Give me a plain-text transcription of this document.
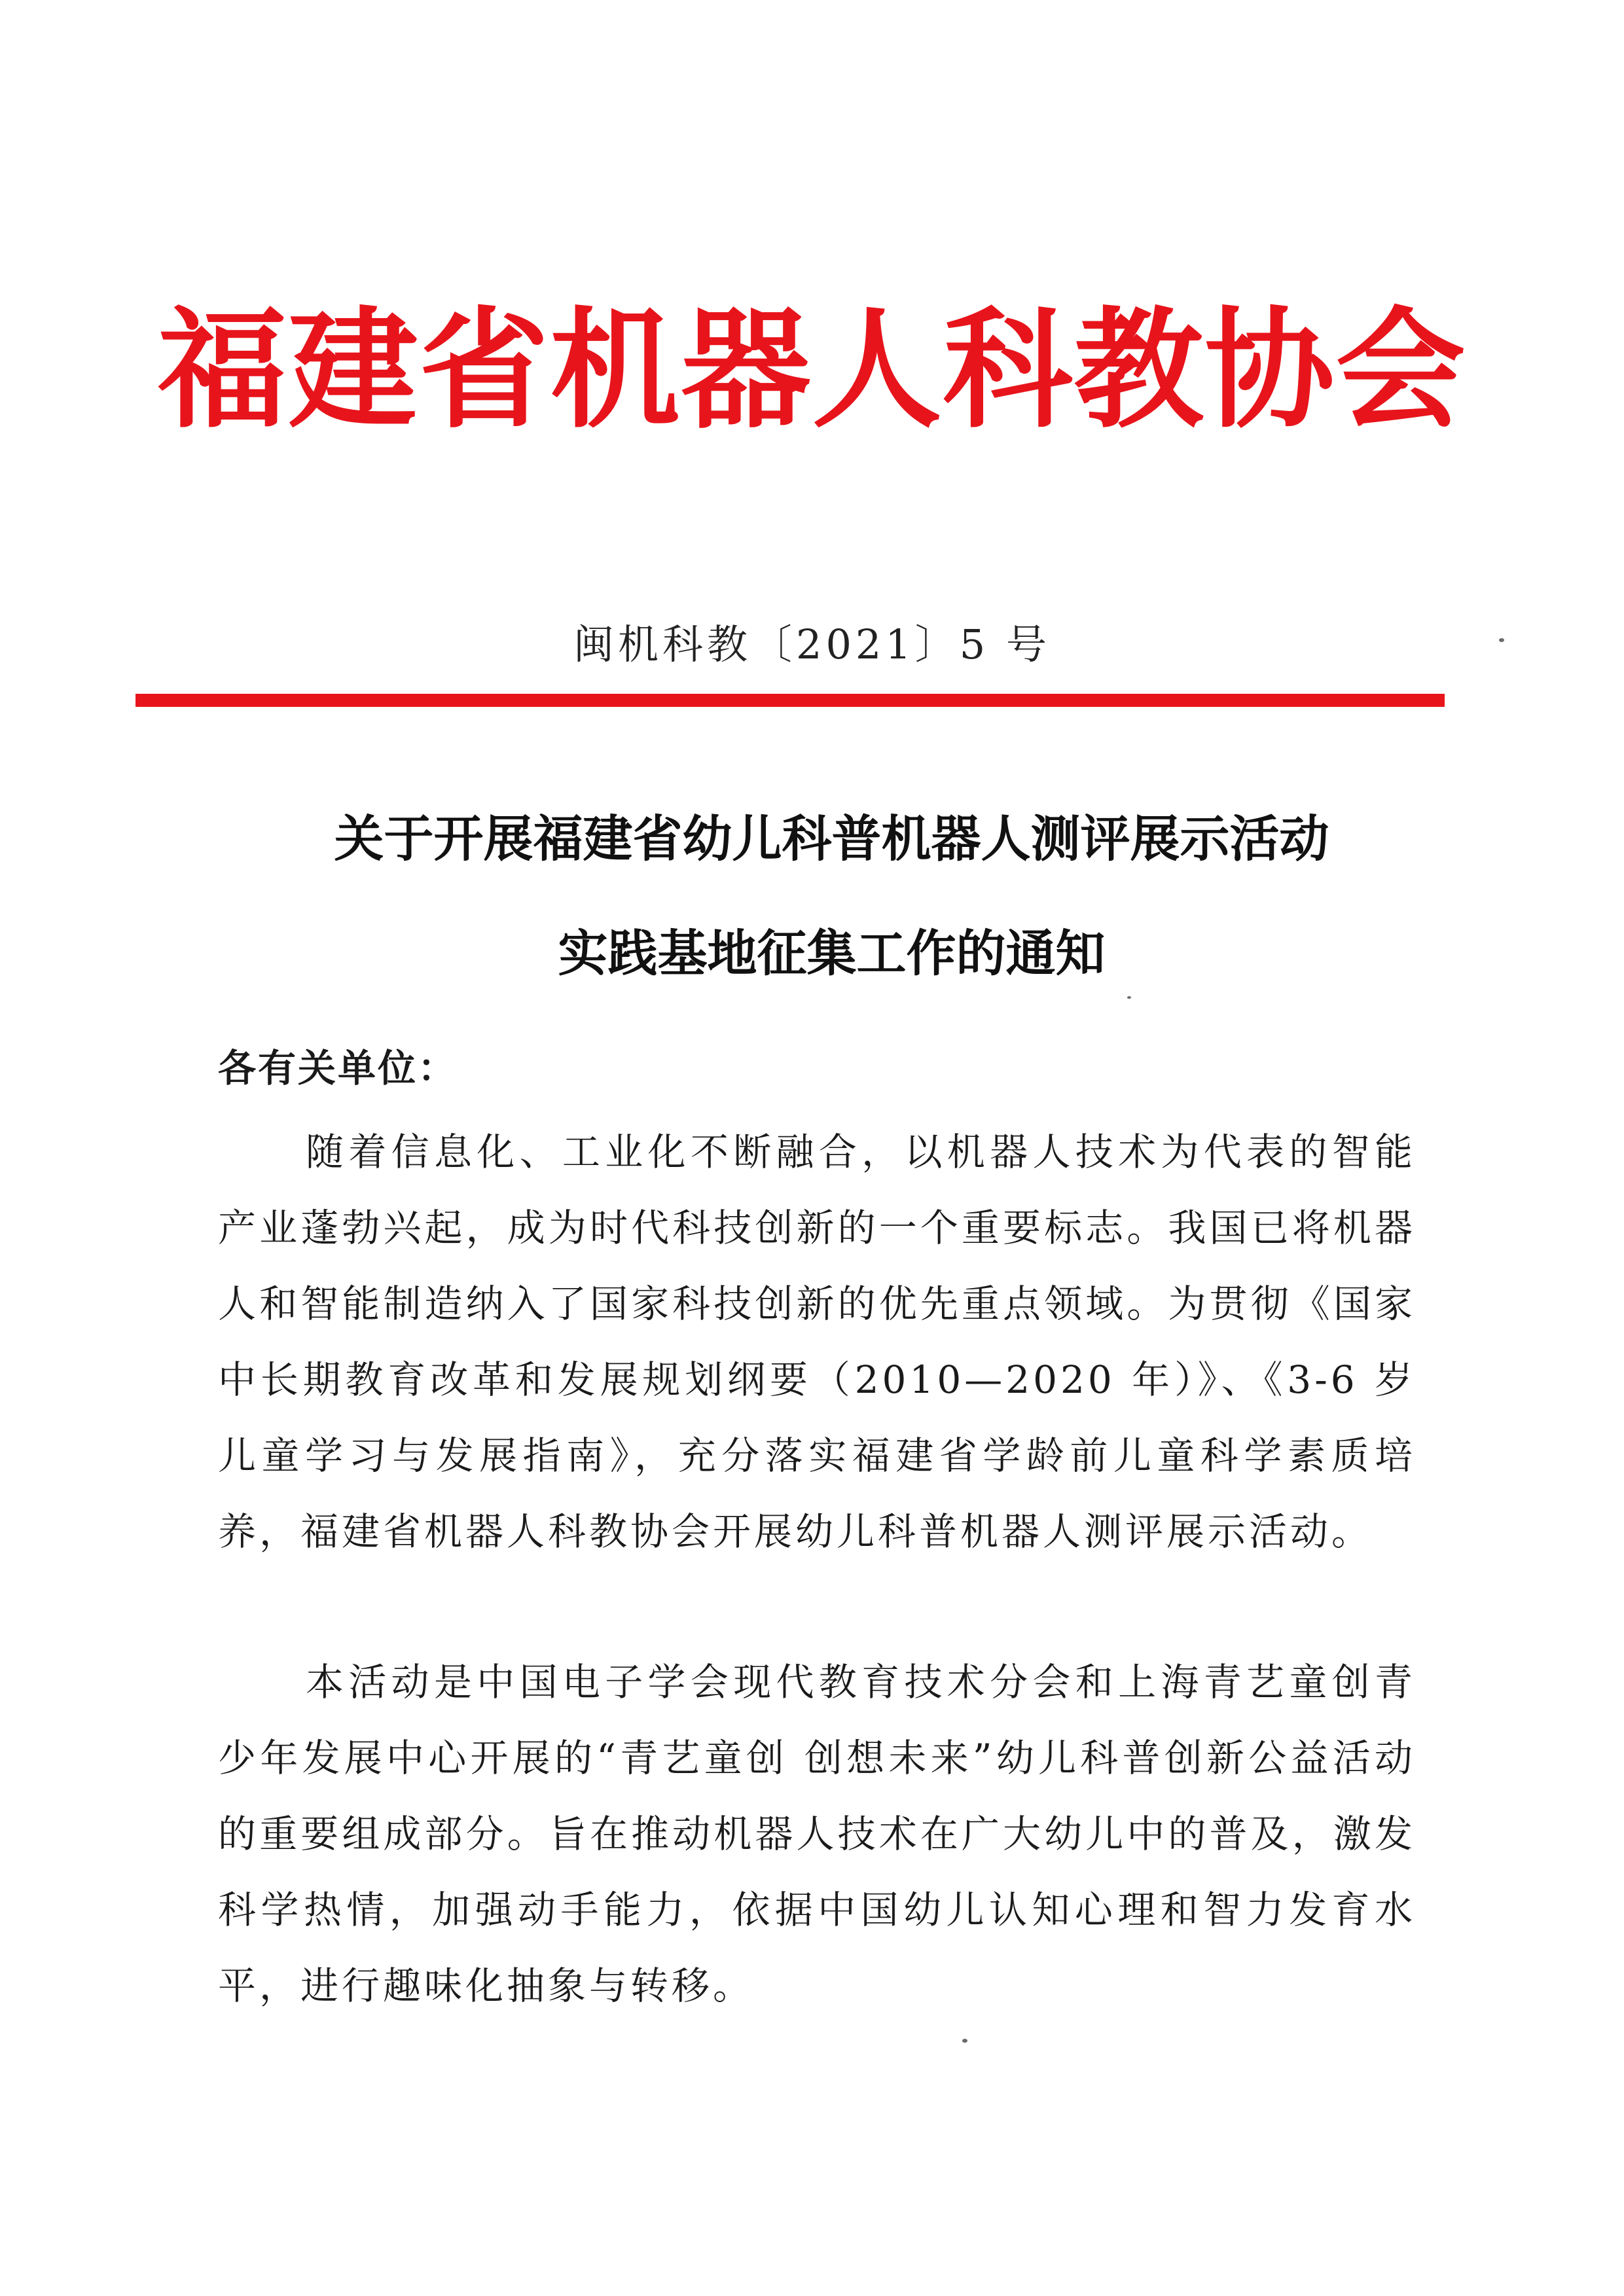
福建省机器人科教协会
闽机科教〔2021〕5 号
关于开展福建省幼儿科普机器人测评展示活动
实践基地征集工作的通知
各有关单位：

随着信息化、工业化不断融合，以机器人技术为代表的智能产业蓬勃兴起，成为时代科技创新的一个重要标志。我国已将机器人和智能制造纳入了国家科技创新的优先重点领域。为贯彻《国家中长期教育改革和发展规划纲要（2010—2020 年）》、《3-6 岁儿童学习与发展指南》，充分落实福建省学龄前儿童科学素质培养，福建省机器人科教协会开展幼儿科普机器人测评展示活动。

本活动是中国电子学会现代教育技术分会和上海青艺童创青少年发展中心开展的“青艺童创 创想未来”幼儿科普创新公益活动的重要组成部分。旨在推动机器人技术在广大幼儿中的普及，激发科学热情，加强动手能力，依据中国幼儿认知心理和智力发育水平，进行趣味化抽象与转移。
